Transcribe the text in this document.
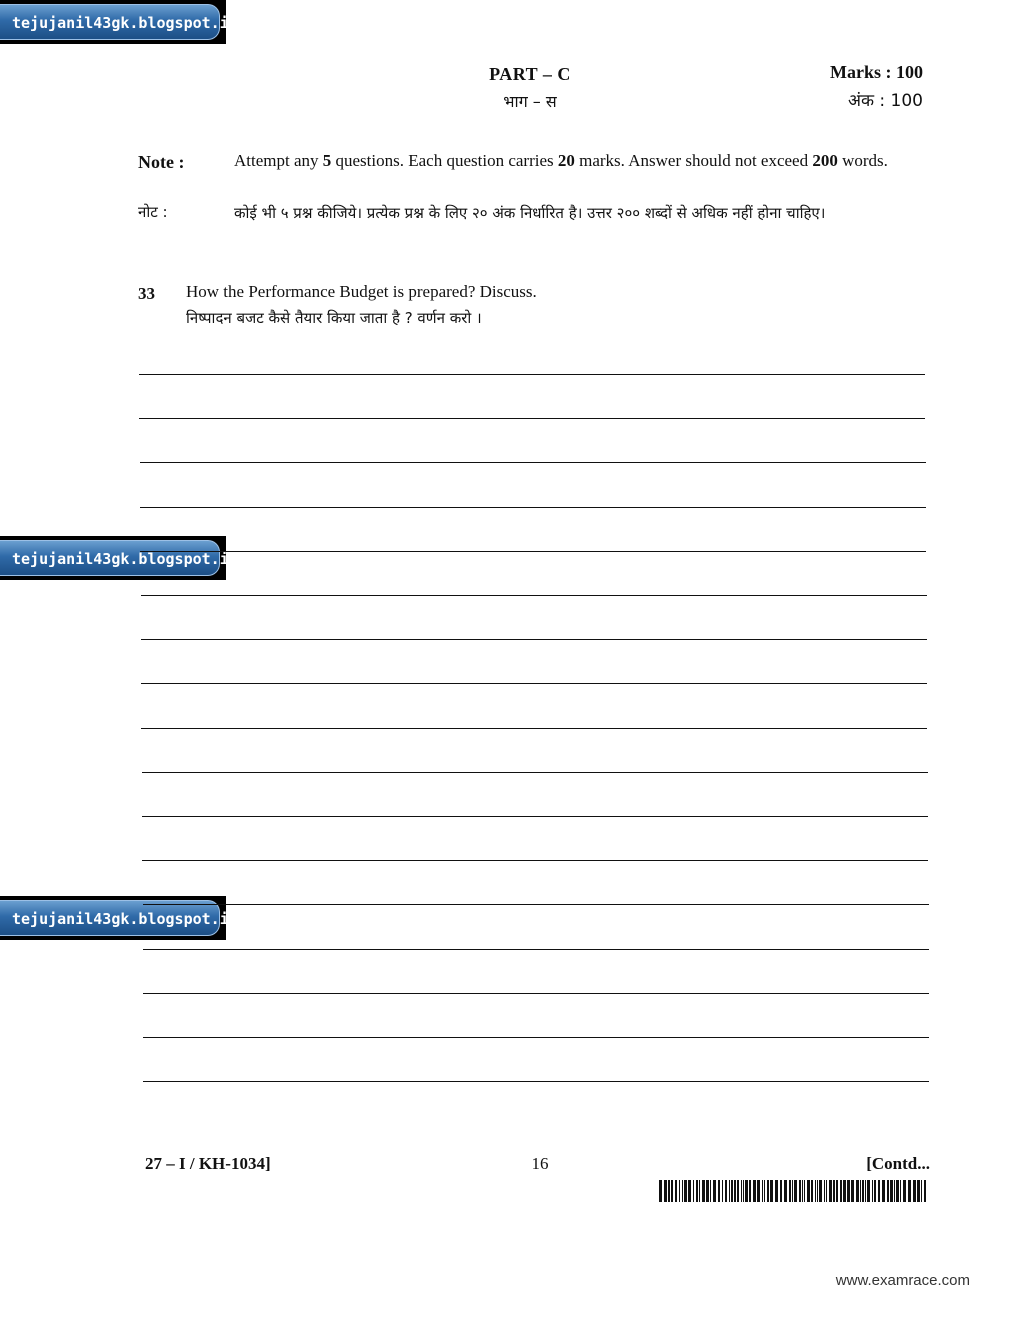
tejujanil43gk.blogspot.in
tejujanil43gk.blogspot.in
tejujanil43gk.blogspot.in
PART – C
भाग – स
Marks : 100
अंक : 100
Note :	Attempt any 5 questions. Each question carries 20 marks. Answer should not exceed 200 words.
नोट :	कोई भी ५ प्रश्न कीजिये। प्रत्येक प्रश्न के लिए २० अंक निर्धारित है। उत्तर २०० शब्दों से अधिक नहीं होना चाहिए।
33 How the Performance Budget is prepared? Discuss.
निष्पादन बजट कैसे तैयार किया जाता है ? वर्णन करो ।
27 – I / KH-1034]	16	[Contd...
www.examrace.com
